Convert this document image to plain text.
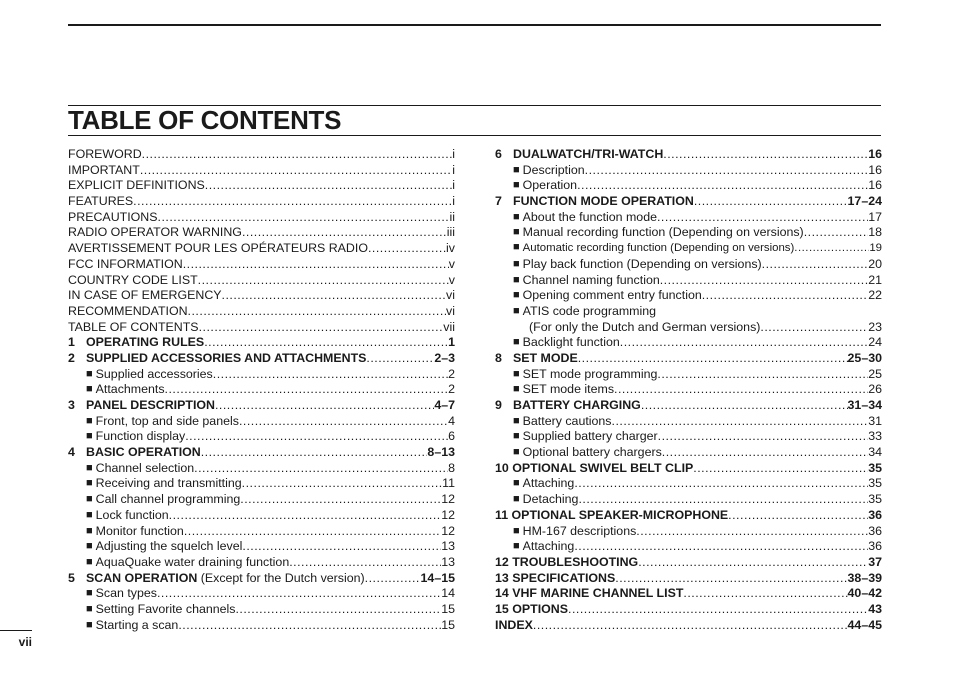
TABLE OF CONTENTS
FOREWORD .....	i
IMPORTANT .....	i
EXPLICIT DEFINITIONS .....	i
FEATURES .....	i
PRECAUTIONS .....	ii
RADIO OPERATOR WARNING .....	iii
AVERTISSEMENT POUR LES OPÉRATEURS RADIO .....	iv
FCC INFORMATION .....	v
COUNTRY CODE LIST .....	v
IN CASE OF EMERGENCY .....	vi
RECOMMENDATION .....	vi
TABLE OF CONTENTS .....	vii
1 OPERATING RULES .....	1
2 SUPPLIED ACCESSORIES AND ATTACHMENTS .....	2–3
■ Supplied accessories .....	2
■ Attachments .....	2
3 PANEL DESCRIPTION .....	4–7
■ Front, top and side panels .....	4
■ Function display .....	6
4 BASIC OPERATION .....	8–13
■ Channel selection .....	8
■ Receiving and transmitting .....	11
■ Call channel programming .....	12
■ Lock function .....	12
■ Monitor function .....	12
■ Adjusting the squelch level .....	13
■ AquaQuake water draining function .....	13
5 SCAN OPERATION (Except for the Dutch version) .....	14–15
■ Scan types .....	14
■ Setting Favorite channels .....	15
■ Starting a scan .....	15
6 DUALWATCH/TRI-WATCH .....	16
■ Description .....	16
■ Operation .....	16
7 FUNCTION MODE OPERATION .....	17–24
■ About the function mode .....	17
■ Manual recording function (Depending on versions) .....	18
■ Automatic recording function (Depending on versions) .....	19
■ Play back function (Depending on versions) .....	20
■ Channel naming function .....	21
■ Opening comment entry function .....	22
■ ATIS code programming
(For only the Dutch and German versions) .....	23
■ Backlight function .....	24
8 SET MODE .....	25–30
■ SET mode programming .....	25
■ SET mode items .....	26
9 BATTERY CHARGING .....	31–34
■ Battery cautions .....	31
■ Supplied battery charger .....	33
■ Optional battery chargers .....	34
10 OPTIONAL SWIVEL BELT CLIP .....	35
■ Attaching .....	35
■ Detaching .....	35
11 OPTIONAL SPEAKER-MICROPHONE .....	36
■ HM-167 descriptions .....	36
■ Attaching .....	36
12 TROUBLESHOOTING .....	37
13 SPECIFICATIONS .....	38–39
14 VHF MARINE CHANNEL LIST .....	40–42
15 OPTIONS .....	43
INDEX .....	44–45
vii
